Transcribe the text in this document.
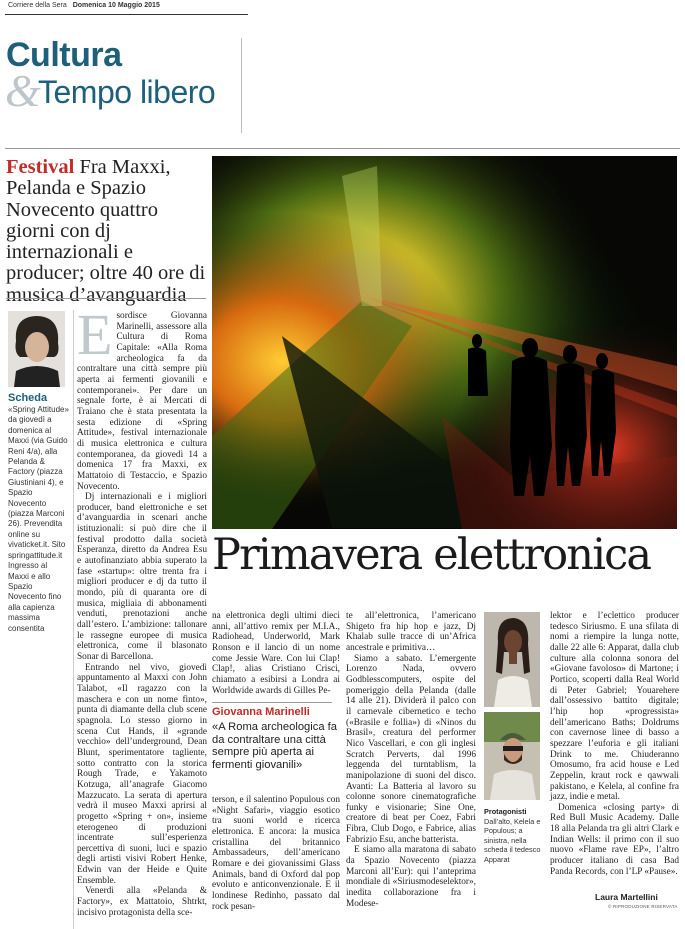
Corriere della Sera Domenica 10 Maggio 2015
Cultura
&
Tempo libero
Festival Fra Maxxi, Pelanda e Spazio Novecento quattro giorni con dj internazionali e producer; oltre 40 ore di musica d’avanguardia
Primavera elettronica
Scheda
«Spring Attitude» da giovedì a domenica al Maxxi (via Guido Reni 4/a), alla Pelanda & Factory (piazza Giustiniani 4), e Spazio Novecento (piazza Marconi 26). Prevendita online su vivaticket.it. Sito springattitude.it Ingresso al Maxxi e allo Spazio Novecento fino alla capienza massima consentita

Esordisce Giovanna Marinelli, assessore alla Cultura di Roma Capitale: «Alla Roma archeologica fa da contraltare una città sempre più aperta ai fermenti giovanili e contemporanei». Per dare un segnale forte, è ai Mercati di Traiano che è stata presentata la sesta edizione di «Spring Attitude», festival internazionale di musica elettronica e cultura contemporanea, da giovedì 14 a domenica 17 fra Maxxi, ex Mattatoio di Testaccio, e Spazio Novecento.

Dj internazionali e i migliori producer, band elettroniche e set d’avanguardia in scenari anche istituzionali: si può dire che il festival prodotto dalla società Esperanza, diretto da Andrea Esu e autofinanziato abbia superato la fase «startup»: oltre trenta fra i migliori producer e dj da tutto il mondo, più di quaranta ore di musica, migliaia di abbonamenti venduti, prenotazioni anche dall’estero. L’ambizione: tallonare le rassegne europee di musica elettronica, come il blasonato Sonar di Barcellona.

Entrando nel vivo, giovedì appuntamento al Maxxi con John Talabot, «Il ragazzo con la maschera e con un nome finto», punta di diamante della club scene spagnola. Lo stesso giorno in scena Cut Hands, il «grande vecchio» dell’underground, Dean Blunt, sperimentatore tagliente, sotto contratto con la storica Rough Trade, e Yakamoto Kotzuga, all’anagrafe Giacomo Mazzucato. La serata di apertura vedrà il museo Maxxi aprirsi al progetto «Spring + on», insieme eterogeneo di produzioni incentrate sull’esperienza percettiva di suoni, luci e spazio degli artisti visivi Robert Henke, Edwin van der Heide e Quite Ensemble.

Venerdì alla «Pelanda & Factory», ex Mattatoio, Shtrkt, incisivo protagonista della sce-

na elettronica degli ultimi dieci anni, all’attivo remix per M.I.A., Radiohead, Underworld, Mark Ronson e il lancio di un nome come Jessie Ware. Con lui Clap! Clap!, alias Cristiano Crisci, chiamato a esibirsi a Londra ai Worldwide awards di Gilles Pe-

Giovanna Marinelli
«A Roma archeologica fa da contraltare una città sempre più aperta ai fermenti giovanili»

terson, e il salentino Populous con «Night Safari», viaggio esotico tra suoni world e ricerca elettronica. E ancora: la musica cristallina del britannico Ambassadeurs, dell’americano Romare e dei giovanissimi Glass Animals, band di Oxford dal pop evoluto e anticonvenzionale. E il londinese Redinho, passato dal rock pesan-

te all’elettronica, l’americano Shigeto fra hip hop e jazz, Dj Khalab sulle tracce di un’Africa ancestrale e primitiva…

Siamo a sabato. L’emergente Lorenzo Nada, ovvero Godblesscomputers, ospite del pomeriggio della Pelanda (dalle 14 alle 21). Dividerà il palco con il carnevale cibernetico e techo («Brasile e follia») di «Ninos du Brasil», creatura del performer Nico Vascellari, e con gli inglesi Scratch Perverts, dal 1996 leggenda del turntablism, la manipolazione di suoni del disco. Avanti: La Batteria al lavoro su colonne sonore cinematografiche funky e visionarie; Sine One, creatore di beat per Coez, Fabri Fibra, Club Dogo, e Fabrice, alias Fabrizio Esu, anche batterista.

E siamo alla maratona di sabato da Spazio Novecento (piazza Marconi all’Eur): qui l’anteprima mondiale di «Siriusmodeselektor», inedita collaborazione fra i Modese-

Protagonisti
Dall’alto, Kelela e Populous; a sinistra, nella scheda il tedesco Apparat

lektor e l’eclettico producer tedesco Siriusmo. E una sfilata di nomi a riempire la lunga notte, dalle 22 alle 6: Apparat, dalla club culture alla colonna sonora del «Giovane favoloso» di Martone; i Portico, scoperti dalla Real World di Peter Gabriel; Youarehere dall’ossessivo battito digitale; l’hip hop «progressista» dell’americano Baths; Doldrums con cavernose linee di basso a spezzare l’euforia e gli italiani Drink to me. Chiuderanno Omosumo, fra acid house e Led Zeppelin, kraut rock e qawwali pakistano, e Kelela, al confine fra jazz, indie e metal.

Domenica «closing party» di Red Bull Music Academy. Dalle 18 alla Pelanda tra gli altri Clark e Indian Wells: il primo con il suo nuovo «Flame rave EP», l’altro producer italiano di casa Bad Panda Records, con l’LP «Pause».

Laura Martellini
© RIPRODUZIONE RISERVATA
